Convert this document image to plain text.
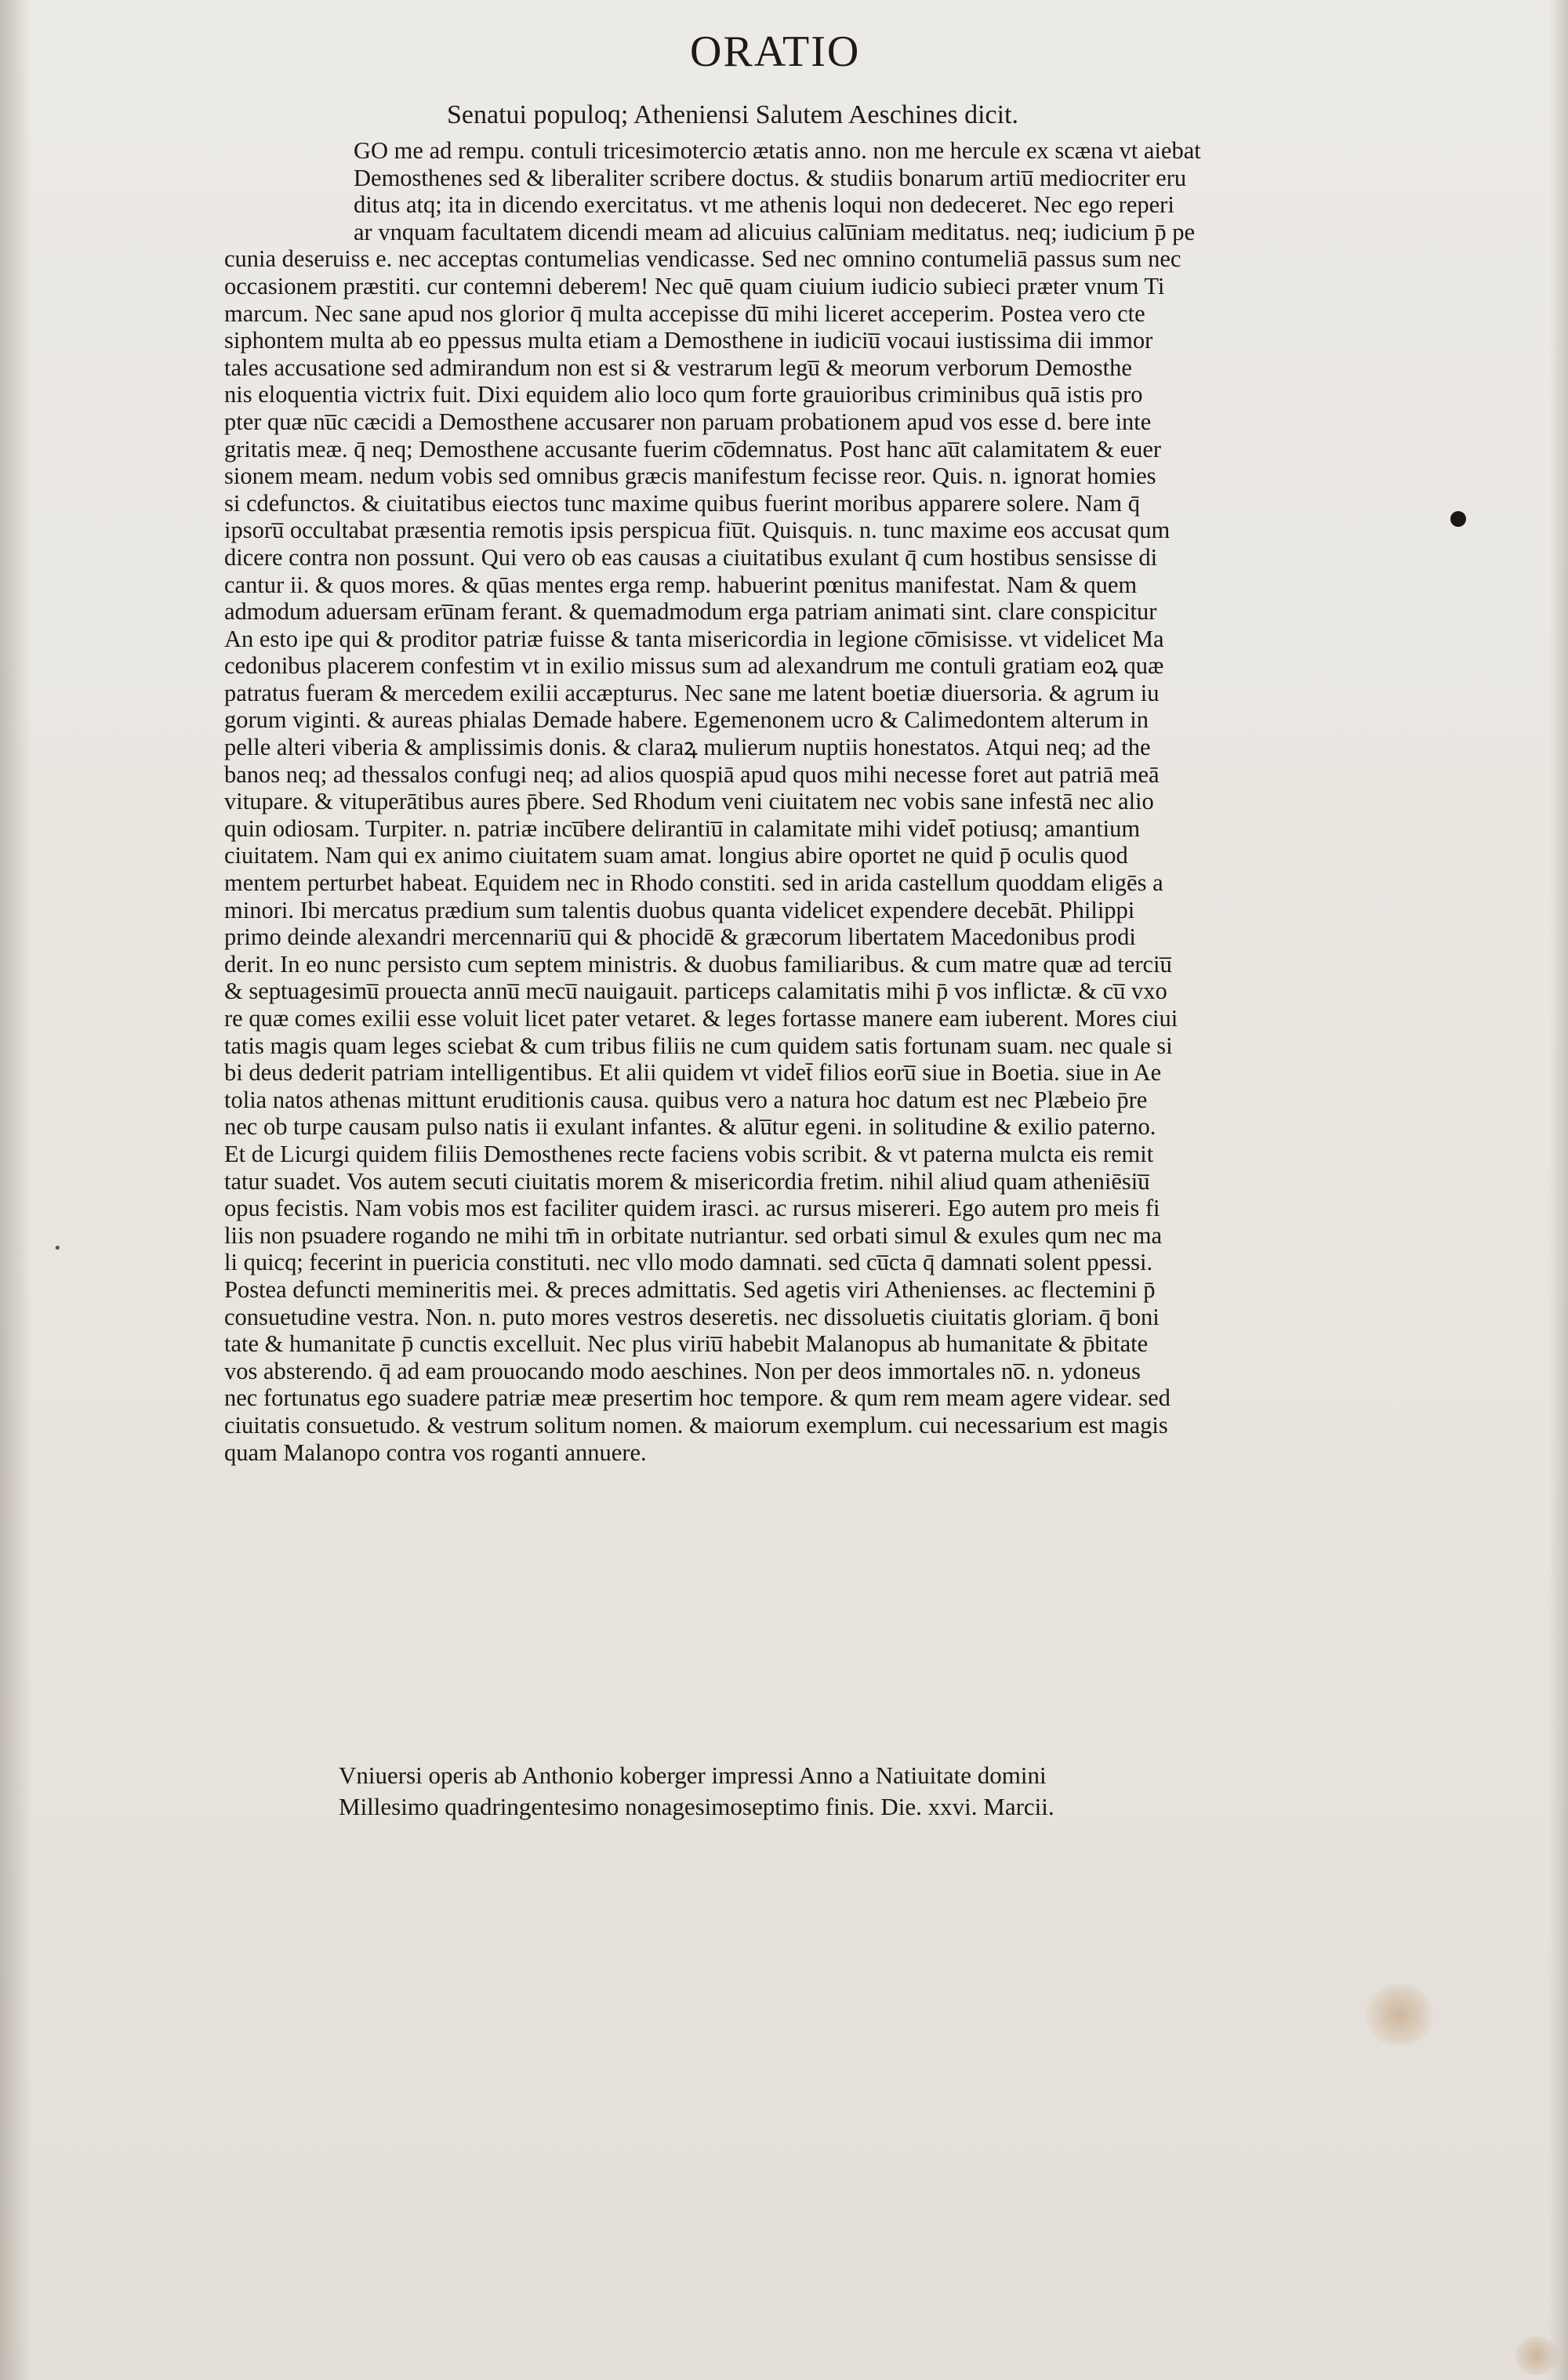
ORATIO
Senatui populoq; Atheniensi Salutem Aeschines dicit.
•
GO me ad rempu. contuli tricesimotercio ætatis anno. non me hercule ex scæna vt aiebat
Demosthenes sed & liberaliter scribere doctus. & studiis bonarum artiu̅ mediocriter eru
ditus atq; ita in dicendo exercitatus. vt me athenis loqui non dedeceret. Nec ego reperi
ar vnquam facultatem dicendi meam ad alicuius calu̅niam meditatus. neq; iudicium p̄ pe
cunia deseruiss e. nec acceptas contumelias vendicasse. Sed nec omnino contumeliā passus sum nec
occasionem præstiti. cur contemni deberem! Nec quē quam ciuium iudicio subieci præter vnum Ti
marcum. Nec sane apud nos glorior q̄ multa accepisse du̅ mihi liceret acceperim. Postea vero cte
siphontem multa ab eo ppessus multa etiam a Demosthene in iudiciu̅ vocaui iustissima dii immor
tales accusatione sed admirandum non est si & vestrarum legu̅ & meorum verborum Demosthe
nis eloquentia victrix fuit. Dixi equidem alio loco qum forte grauioribus criminibus quā istis pro
pter quæ nu̅c cæcidi a Demosthene accusarer non paruam probationem apud vos esse d. bere inte
gritatis meæ. q̄ neq; Demosthene accusante fuerim co̅demnatus. Post hanc au̅t calamitatem & euer
sionem meam. nedum vobis sed omnibus græcis manifestum fecisse reor. Quis. n. ignorat homies
si cdefunctos. & ciuitatibus eiectos tunc maxime quibus fuerint moribus apparere solere. Nam q̄
ipsoru̅ occultabat præsentia remotis ipsis perspicua fiu̅t. Quisquis. n. tunc maxime eos accusat qum
dicere contra non possunt. Qui vero ob eas causas a ciuitatibus exulant q̄ cum hostibus sensisse di
cantur ii. & quos mores. & qūas mentes erga remp. habuerint pœnitus manifestat. Nam & quem
admodum aduersam eru̅nam ferant. & quemadmodum erga patriam animati sint. clare conspicitur
An esto ipe qui & proditor patriæ fuisse & tanta misericordia in legione co̅misisse. vt videlicet Ma
cedonibus placerem confestim vt in exilio missus sum ad alexandrum me contuli gratiam eoꝝ quæ
patratus fueram & mercedem exilii accæpturus. Nec sane me latent boetiæ diuersoria. & agrum iu
gorum viginti. & aureas phialas Demade habere. Egemenonem ucro & Calimedontem alterum in
pelle alteri viberia & amplissimis donis. & claraꝝ mulierum nuptiis honestatos. Atqui neq; ad the
banos neq; ad thessalos confugi neq; ad alios quospiā apud quos mihi necesse foret aut patriā meā
vitupare. & vituperātibus aures p̄bere. Sed Rhodum veni ciuitatem nec vobis sane infestā nec alio
quin odiosam. Turpiter. n. patriæ incu̅bere delirantiu̅ in calamitate mihi videt̄ potiusq; amantium
ciuitatem. Nam qui ex animo ciuitatem suam amat. longius abire oportet ne quid p̄ oculis quod
mentem perturbet habeat. Equidem nec in Rhodo constiti. sed in arida castellum quoddam eligēs a
minori. Ibi mercatus prædium sum talentis duobus quanta videlicet expendere decebāt. Philippi
primo deinde alexandri mercennariu̅ qui & phocidē & græcorum libertatem Macedonibus prodi
derit. In eo nunc persisto cum septem ministris. & duobus familiaribus. & cum matre quæ ad terciu̅
& septuagesimu̅ prouecta annu̅ mecu̅ nauigauit. particeps calamitatis mihi p̄ vos inflictæ. & cu̅ vxo
re quæ comes exilii esse voluit licet pater vetaret. & leges fortasse manere eam iuberent. Mores ciui
tatis magis quam leges sciebat & cum tribus filiis ne cum quidem satis fortunam suam. nec quale si
bi deus dederit patriam intelligentibus. Et alii quidem vt videt̄ filios eoru̅ siue in Boetia. siue in Ae
tolia natos athenas mittunt eruditionis causa. quibus vero a natura hoc datum est nec Plæbeio p̄re
nec ob turpe causam pulso natis ii exulant infantes. & alu̅tur egeni. in solitudine & exilio paterno.
Et de Licurgi quidem filiis Demosthenes recte faciens vobis scribit. & vt paterna mulcta eis remit
tatur suadet. Vos autem secuti ciuitatis morem & misericordia fretim. nihil aliud quam atheniēsiu̅
opus fecistis. Nam vobis mos est faciliter quidem irasci. ac rursus misereri. Ego autem pro meis fi
liis non psuadere rogando ne mihi tm̄ in orbitate nutriantur. sed orbati simul & exules qum nec ma
li quicq; fecerint in puericia constituti. nec vllo modo damnati. sed cu̅cta q̄ damnati solent ppessi.
Postea defuncti memineritis mei. & preces admittatis. Sed agetis viri Athenienses. ac flectemini p̄
consuetudine vestra. Non. n. puto mores vestros deseretis. nec dissoluetis ciuitatis gloriam. q̄ boni
tate & humanitate p̄ cunctis excelluit. Nec plus viriu̅ habebit Malanopus ab humanitate & p̄bitate
vos absterendo. q̄ ad eam prouocando modo aeschines. Non per deos immortales no̅. n. ydoneus
nec fortunatus ego suadere patriæ meæ presertim hoc tempore. & qum rem meam agere videar. sed
ciuitatis consuetudo. & vestrum solitum nomen. & maiorum exemplum. cui necessarium est magis
quam Malanopo contra vos roganti annuere.
Vniuersi operis ab Anthonio koberger impressi Anno a Natiuitate domini
Millesimo quadringentesimo nonagesimoseptimo finis. Die. xxvi. Marcii.
